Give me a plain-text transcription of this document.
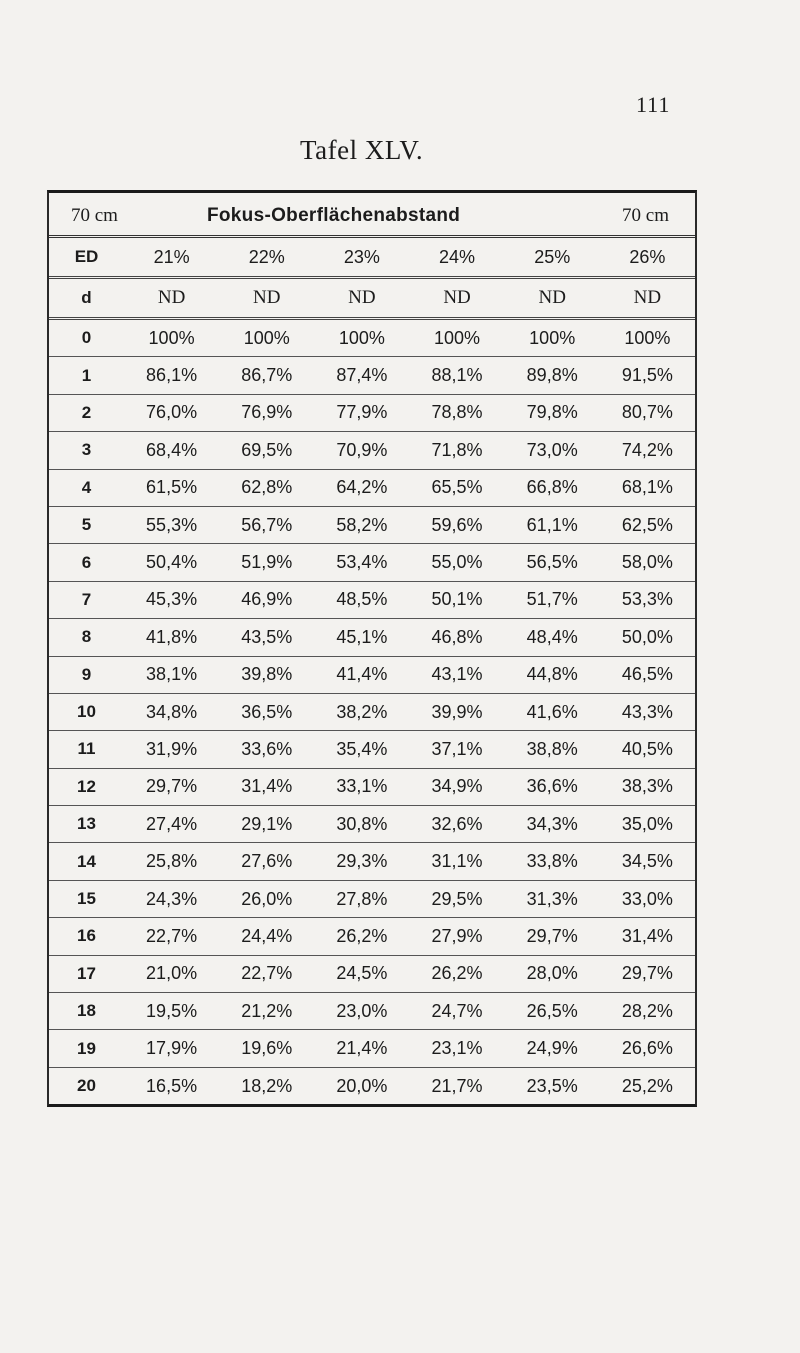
111
Tafel XLV.
70 cm	Fokus-Oberflächenabstand	70 cm
ED	21%	22%	23%	24%	25%	26%
d	ND	ND	ND	ND	ND	ND
0	100%	100%	100%	100%	100%	100%
1	86,1%	86,7%	87,4%	88,1%	89,8%	91,5%
2	76,0%	76,9%	77,9%	78,8%	79,8%	80,7%
3	68,4%	69,5%	70,9%	71,8%	73,0%	74,2%
4	61,5%	62,8%	64,2%	65,5%	66,8%	68,1%
5	55,3%	56,7%	58,2%	59,6%	61,1%	62,5%
6	50,4%	51,9%	53,4%	55,0%	56,5%	58,0%
7	45,3%	46,9%	48,5%	50,1%	51,7%	53,3%
8	41,8%	43,5%	45,1%	46,8%	48,4%	50,0%
9	38,1%	39,8%	41,4%	43,1%	44,8%	46,5%
10	34,8%	36,5%	38,2%	39,9%	41,6%	43,3%
11	31,9%	33,6%	35,4%	37,1%	38,8%	40,5%
12	29,7%	31,4%	33,1%	34,9%	36,6%	38,3%
13	27,4%	29,1%	30,8%	32,6%	34,3%	35,0%
14	25,8%	27,6%	29,3%	31,1%	33,8%	34,5%
15	24,3%	26,0%	27,8%	29,5%	31,3%	33,0%
16	22,7%	24,4%	26,2%	27,9%	29,7%	31,4%
17	21,0%	22,7%	24,5%	26,2%	28,0%	29,7%
18	19,5%	21,2%	23,0%	24,7%	26,5%	28,2%
19	17,9%	19,6%	21,4%	23,1%	24,9%	26,6%
20	16,5%	18,2%	20,0%	21,7%	23,5%	25,2%
